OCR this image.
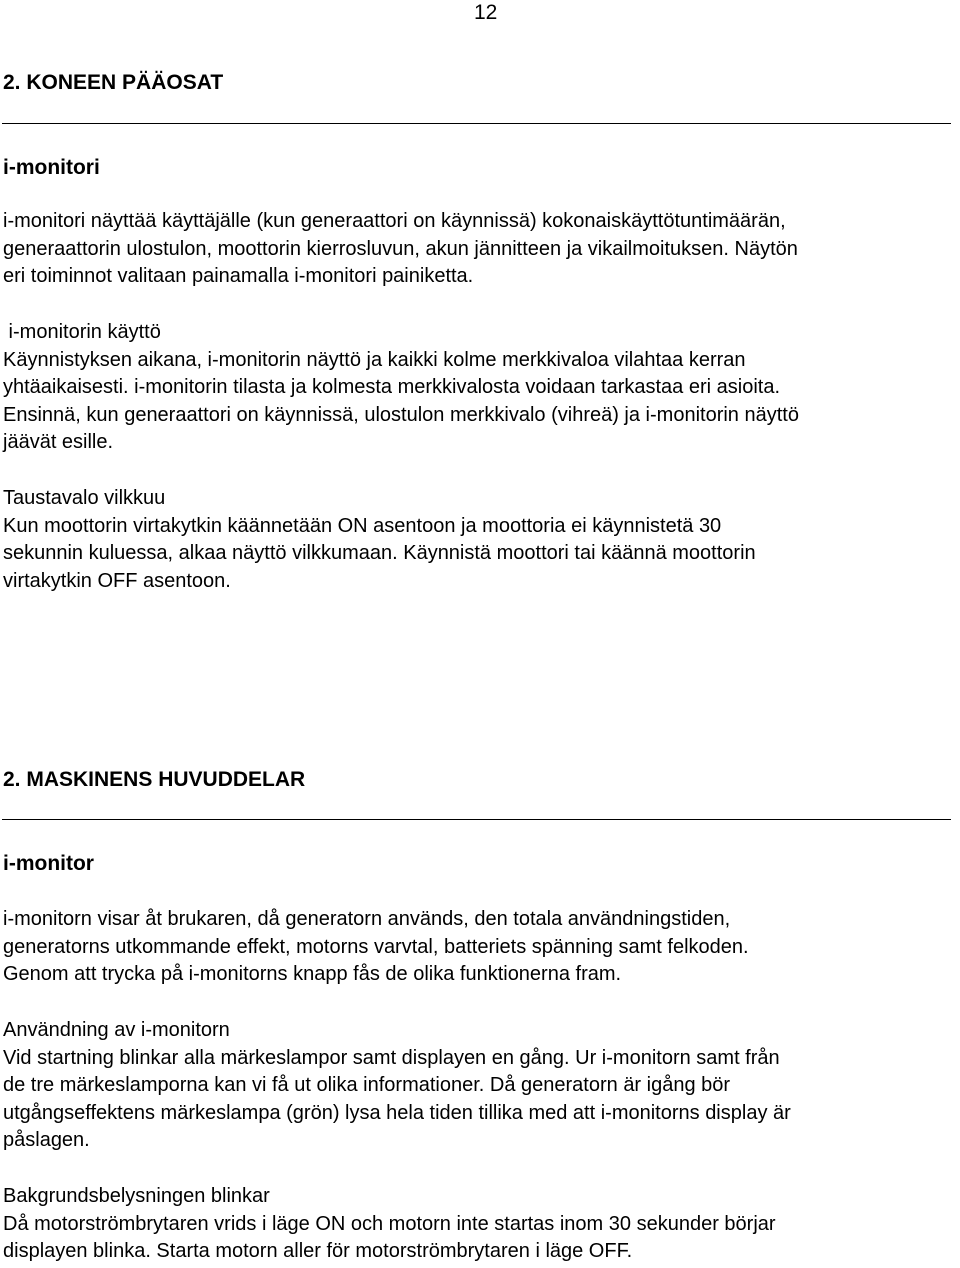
12
2. KONEEN PÄÄOSAT
i-monitori
i-monitori näyttää käyttäjälle (kun generaattori on käynnissä) kokonaiskäyttötuntimäärän,
generaattorin ulostulon, moottorin kierrosluvun, akun jännitteen ja vikailmoituksen. Näytön
eri toiminnot valitaan painamalla i-monitori painiketta.
i-monitorin käyttö
Käynnistyksen aikana, i-monitorin näyttö ja kaikki kolme merkkivaloa vilahtaa kerran
yhtäaikaisesti. i-monitorin tilasta ja kolmesta merkkivalosta voidaan tarkastaa eri asioita.
Ensinnä, kun generaattori on käynnissä, ulostulon merkkivalo (vihreä) ja i-monitorin näyttö
jäävät esille.
Taustavalo vilkkuu
Kun moottorin virtakytkin käännetään ON asentoon ja moottoria ei käynnistetä 30
sekunnin kuluessa, alkaa näyttö vilkkumaan. Käynnistä moottori tai käännä moottorin
virtakytkin OFF asentoon.
2. MASKINENS HUVUDDELAR
i-monitor
i-monitorn visar åt brukaren, då generatorn används, den totala användningstiden,
generatorns utkommande effekt, motorns varvtal, batteriets spänning samt felkoden.
Genom att trycka på i-monitorns knapp fås de olika funktionerna fram.
Användning av i-monitorn
Vid startning blinkar alla märkeslampor samt displayen en gång. Ur i-monitorn samt från
de tre märkeslamporna kan vi få ut olika informationer. Då generatorn är igång bör
utgångseffektens märkeslampa (grön) lysa hela tiden tillika med att i-monitorns display är
påslagen.
Bakgrundsbelysningen blinkar
Då motorströmbrytaren vrids i läge ON och motorn inte startas inom 30 sekunder börjar
displayen blinka. Starta motorn aller för motorströmbrytaren i läge OFF.
